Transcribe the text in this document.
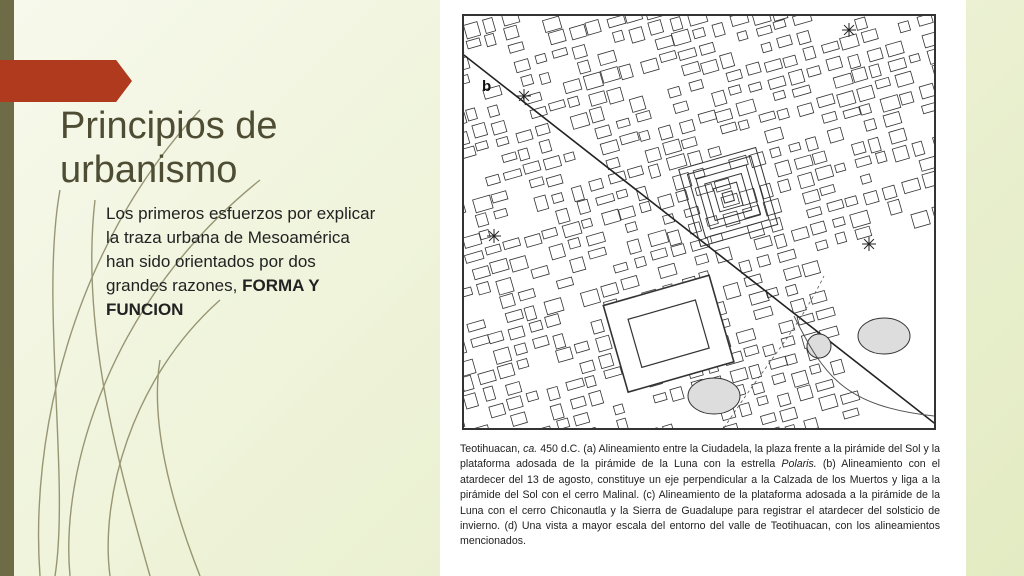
Principios de urbanismo
Los primeros esfuerzos por explicar la traza urbana de Mesoamérica han sido orientados por dos grandes razones, FORMA Y FUNCION
b
Teotihuacan, ca. 450 d.C. (a) Alineamiento entre la Ciudadela, la plaza frente a la pirámide del Sol y la plataforma adosada de la pirámide de la Luna con la estrella Polaris. (b) Alineamiento con el atardecer del 13 de agosto, constituye un eje perpendicular a la Calzada de los Muertos y liga a la pirámide del Sol con el cerro Malinal. (c) Alineamiento de la plataforma adosada a la pirámide de la Luna con el cerro Chiconautla y la Sierra de Guadalupe para registrar el atardecer del solsticio de invierno. (d) Una vista a mayor escala del entorno del valle de Teotihuacan, con los alineamientos mencionados.
